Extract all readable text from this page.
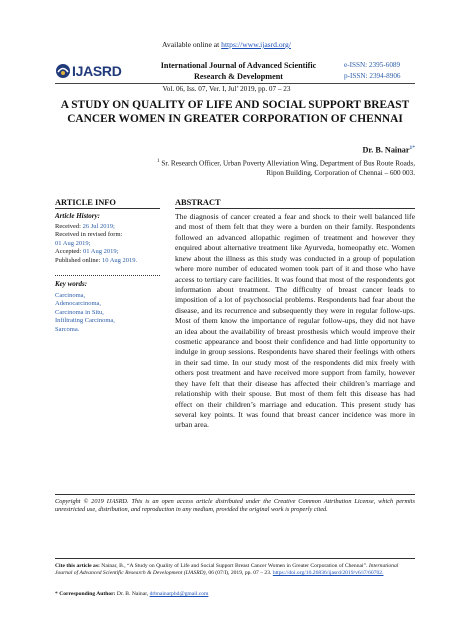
Available online at https://www.ijasrd.org/
IJASRD	International Journal of Advanced Scientific
Research & Development
e-ISSN: 2395-6089
p-ISSN: 2394-8906
Vol. 06, Iss. 07, Ver. I, Jul’ 2019, pp. 07 – 23
A STUDY ON QUALITY OF LIFE AND SOCIAL SUPPORT BREAST CANCER WOMEN IN GREATER CORPORATION OF CHENNAI
Dr. B. Nainar$^{1*}$
$^1$ Sr. Research Officer, Urban Poverty Alleviation Wing, Department of Bus Route Roads,
Ripon Building, Corporation of Chennai – 600 003.
ARTICLE INFO	ABSTRACT
Article History:
Received: 26 Jul 2019;
Received in revised form:
01 Aug 2019;
Accepted: 01 Aug 2019;
Published online: 10 Aug 2019.
Key words:
Carcinoma,
Adenocarcinoma,
Carcinoma in Situ,
Infiltrating Carcinoma,
Sarcoma.
The diagnosis of cancer created a fear and shock to their well balanced life and most of them felt that they were a burden on their family. Respondents followed an advanced allopathic regimen of treatment and however they enquired about alternative treatment like Ayurveda, homeopathy etc. Women knew about the illness as this study was conducted in a group of population where more number of educated women took part of it and those who have access to tertiary care facilities. It was found that most of the respondents got information about treatment. The difficulty of breast cancer leads to imposition of a lot of psychosocial problems. Respondents had fear about the disease, and its recurrence and subsequently they were in regular follow-ups. Most of them know the importance of regular follow-ups, they did not have an idea about the availability of breast prosthesis which would improve their cosmetic appearance and boost their confidence and had little opportunity to indulge in group sessions. Respondents have shared their feelings with others in their sad time. In our study most of the respondents did mix freely with others post treatment and have received more support from family, however they have felt that their disease has affected their children’s marriage and relationship with their spouse. But most of them felt this disease has had effect on their children’s marriage and education. This present study has several key points. It was found that breast cancer incidence was more in urban area.
Copyright © 2019 IJASRD. This is an open access article distributed under the Creative Common Attribution License, which permits unrestricted use, distribution, and reproduction in any medium, provided the original work is properly cited.
Cite this article as: Nainar, B., “A Study on Quality of Life and Social Support Breast Cancer Women in Greater Corporation of Chennai”. International Journal of Advanced Scientific Research & Development (IJASRD), 06 (07/I), 2019, pp. 07 – 23. https://doi.org/10.26836/ijasrd/2019/v6/i7/60702.
* Corresponding Author: Dr. B. Nainar, drbnainarphd@gmail.com
